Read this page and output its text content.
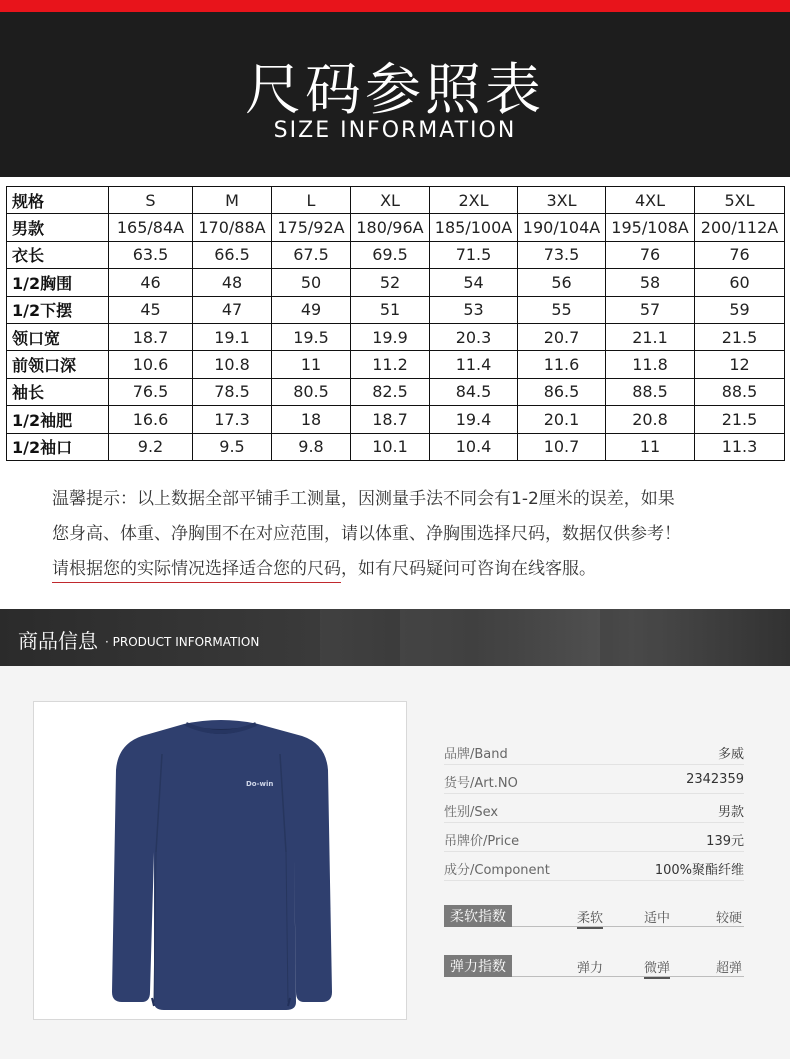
尺码参照表
SIZE INFORMATION
规格	S	M	L	XL	2XL	3XL	4XL	5XL
男款	165/84A	170/88A	175/92A	180/96A	185/100A	190/104A	195/108A	200/112A
衣长	63.5	66.5	67.5	69.5	71.5	73.5	76	76
1/2胸围	46	48	50	52	54	56	58	60
1/2下摆	45	47	49	51	53	55	57	59
领口宽	18.7	19.1	19.5	19.9	20.3	20.7	21.1	21.5
前领口深	10.6	10.8	11	11.2	11.4	11.6	11.8	12
袖长	76.5	78.5	80.5	82.5	84.5	86.5	88.5	88.5
1/2袖肥	16.6	17.3	18	18.7	19.4	20.1	20.8	21.5
1/2袖口	9.2	9.5	9.8	10.1	10.4	10.7	11	11.3
温馨提示：以上数据全部平铺手工测量，因测量手法不同会有1-2厘米的误差，如果
您身高、体重、净胸围不在对应范围，请以体重、净胸围选择尺码，数据仅供参考！
请根据您的实际情况选择适合您的尺码，如有尺码疑问可咨询在线客服。
商品信息 · PRODUCT INFORMATION
Do-win
品牌/Band	多威
货号/Art.NO	2342359
性别/Sex	男款
吊牌价/Price	139元
成分/Component	100%聚酯纤维
柔软指数	柔软	适中	较硬
弹力指数	弹力	微弹	超弹
